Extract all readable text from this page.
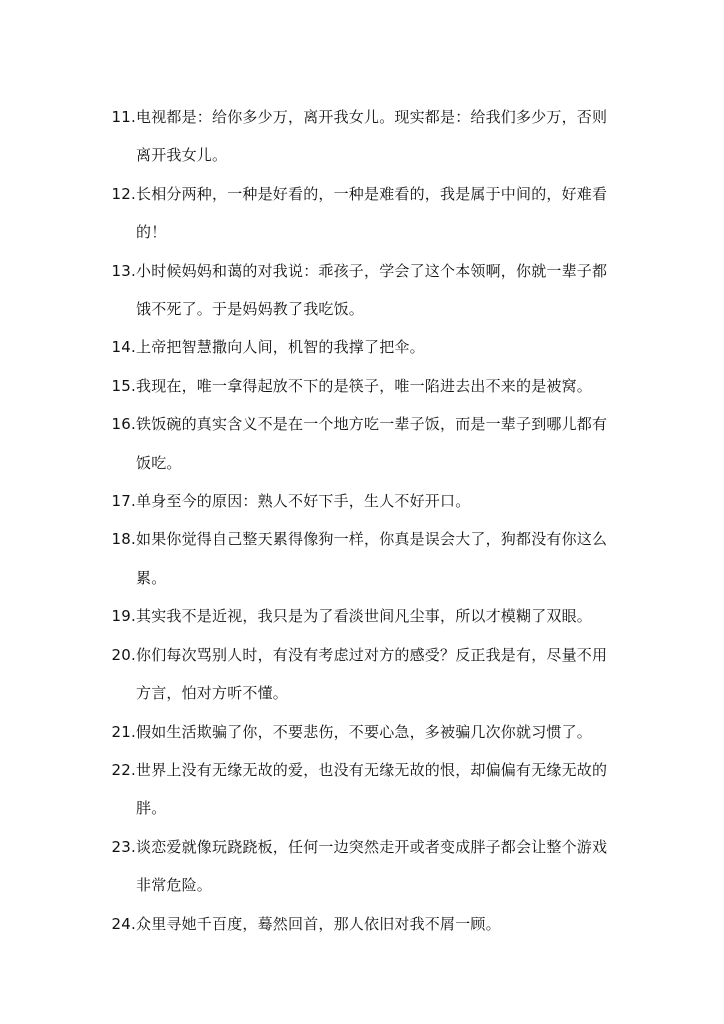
11. 电视都是：给你多少万，离开我女儿。现实都是：给我们多少万，否则离开我女儿。
12. 长相分两种，一种是好看的，一种是难看的，我是属于中间的，好难看的！
13. 小时候妈妈和蔼的对我说：乖孩子，学会了这个本领啊，你就一辈子都饿不死了。于是妈妈教了我吃饭。
14. 上帝把智慧撒向人间，机智的我撑了把伞。
15. 我现在，唯一拿得起放不下的是筷子，唯一陷进去出不来的是被窝。
16. 铁饭碗的真实含义不是在一个地方吃一辈子饭，而是一辈子到哪儿都有饭吃。
17. 单身至今的原因：熟人不好下手，生人不好开口。
18. 如果你觉得自己整天累得像狗一样，你真是误会大了，狗都没有你这么累。
19. 其实我不是近视，我只是为了看淡世间凡尘事，所以才模糊了双眼。
20. 你们每次骂别人时，有没有考虑过对方的感受？反正我是有，尽量不用方言，怕对方听不懂。
21. 假如生活欺骗了你，不要悲伤，不要心急，多被骗几次你就习惯了。
22. 世界上没有无缘无故的爱，也没有无缘无故的恨，却偏偏有无缘无故的胖。
23. 谈恋爱就像玩跷跷板，任何一边突然走开或者变成胖子都会让整个游戏非常危险。
24. 众里寻她千百度，蓦然回首，那人依旧对我不屑一顾。
